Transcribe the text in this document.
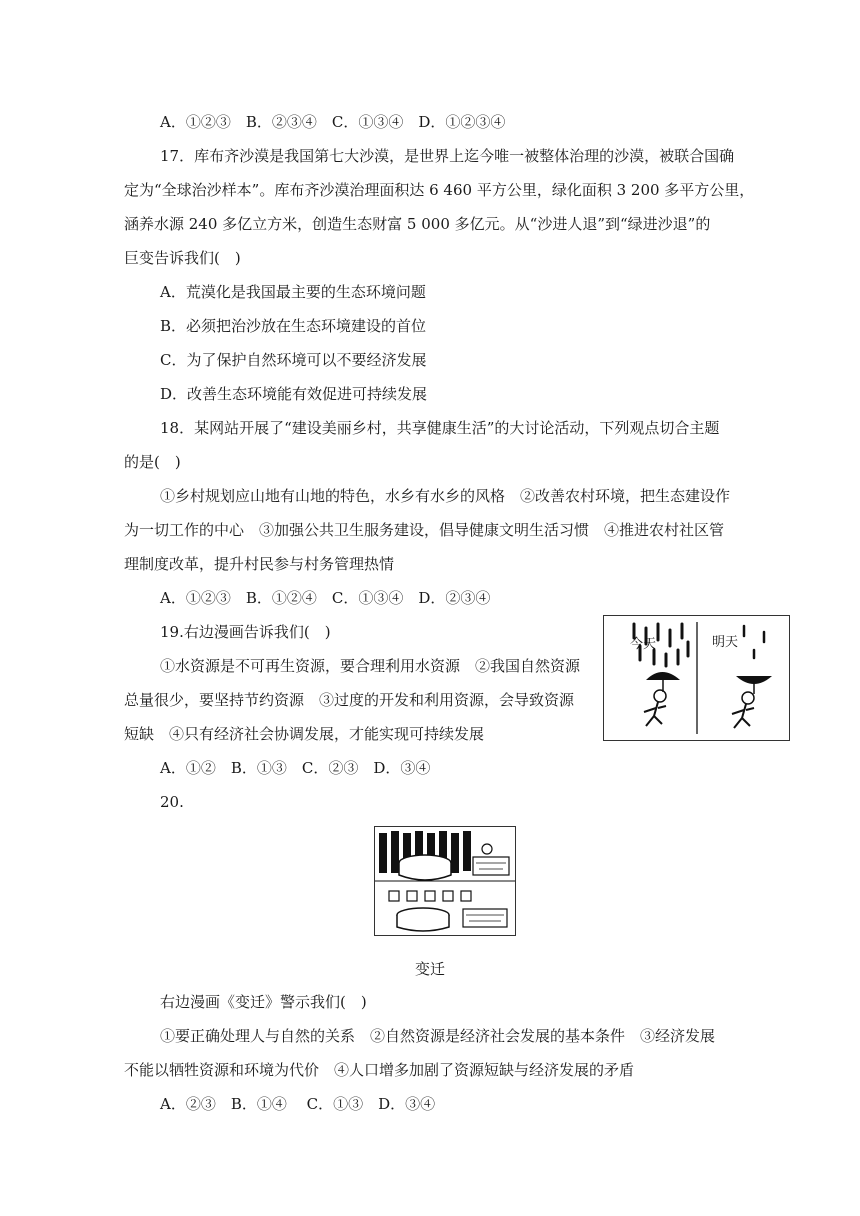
A．①②③　B．②③④　C．①③④　D．①②③④
17．库布齐沙漠是我国第七大沙漠，是世界上迄今唯一被整体治理的沙漠，被联合国确
定为“全球治沙样本”。库布齐沙漠治理面积达 6 460 平方公里，绿化面积 3 200 多平方公里，
涵养水源 240 多亿立方米，创造生态财富 5 000 多亿元。从“沙进人退”到“绿进沙退”的
巨变告诉我们(　)
A．荒漠化是我国最主要的生态环境问题
B．必须把治沙放在生态环境建设的首位
C．为了保护自然环境可以不要经济发展
D．改善生态环境能有效促进可持续发展
18．某网站开展了“建设美丽乡村，共享健康生活”的大讨论活动，下列观点切合主题
的是(　)
①乡村规划应山地有山地的特色，水乡有水乡的风格　②改善农村环境，把生态建设作
为一切工作的中心　③加强公共卫生服务建设，倡导健康文明生活习惯　④推进农村社区管
理制度改革，提升村民参与村务管理热情
A．①②③　B．①②④　C．①③④　D．②③④
19.右边漫画告诉我们(　)
①水资源是不可再生资源，要合理利用水资源　②我国自然资源
总量很少，要坚持节约资源　③过度的开发和利用资源，会导致资源
短缺　④只有经济社会协调发展，才能实现可持续发展
A．①②　B．①③　C．②③　D．③④
今天	明天
20.
变迁
右边漫画《变迁》警示我们(　)
①要正确处理人与自然的关系　②自然资源是经济社会发展的基本条件　③经济发展
不能以牺牲资源和环境为代价　④人口增多加剧了资源短缺与经济发展的矛盾
A．②③　B．①④　 C．①③　D．③④
